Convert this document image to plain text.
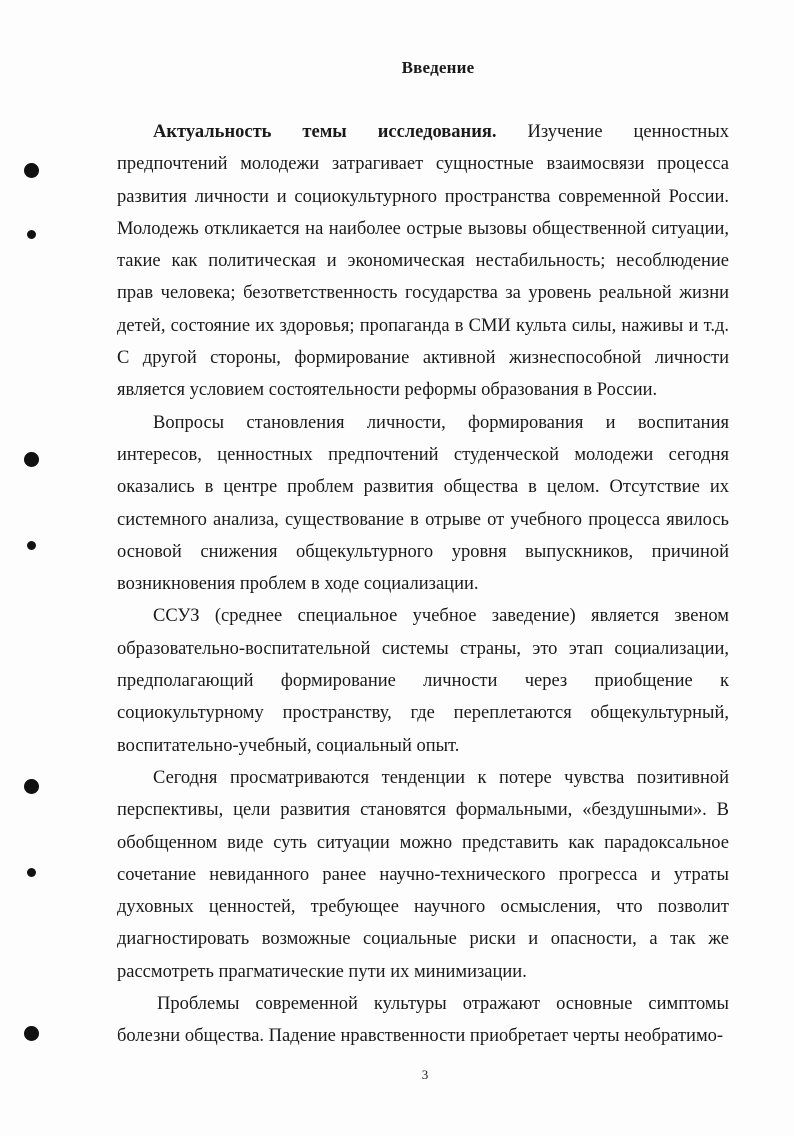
Введение

Актуальность темы исследования. Изучение ценностных предпочтений молодежи затрагивает сущностные взаимосвязи процесса развития личности и социокультурного пространства современной России. Молодежь откликается на наиболее острые вызовы общественной ситуации, такие как политическая и экономическая нестабильность; несоблюдение прав человека; безответственность государства за уровень реальной жизни детей, состояние их здоровья; пропаганда в СМИ культа силы, наживы и т.д. С другой стороны, формирование активной жизнеспособной личности является условием состоятельности реформы образования в России.

Вопросы становления личности, формирования и воспитания интересов, ценностных предпочтений студенческой молодежи сегодня оказались в центре проблем развития общества в целом. Отсутствие их системного анализа, существование в отрыве от учебного процесса явилось основой снижения общекультурного уровня выпускников, причиной возникновения проблем в ходе социализации.

ССУЗ (среднее специальное учебное заведение) является звеном образовательно-воспитательной системы страны, это этап социализации, предполагающий формирование личности через приобщение к социокультурному пространству, где переплетаются общекультурный, воспитательно-учебный, социальный опыт.

Сегодня просматриваются тенденции к потере чувства позитивной перспективы, цели развития становятся формальными, «бездушными». В обобщенном виде суть ситуации можно представить как парадоксальное сочетание невиданного ранее научно-технического прогресса и утраты духовных ценностей, требующее научного осмысления, что позволит диагностировать возможные социальные риски и опасности, а так же рассмотреть прагматические пути их минимизации.

Проблемы современной культуры отражают основные симптомы болезни общества. Падение нравственности приобретает черты необратимо-

3
